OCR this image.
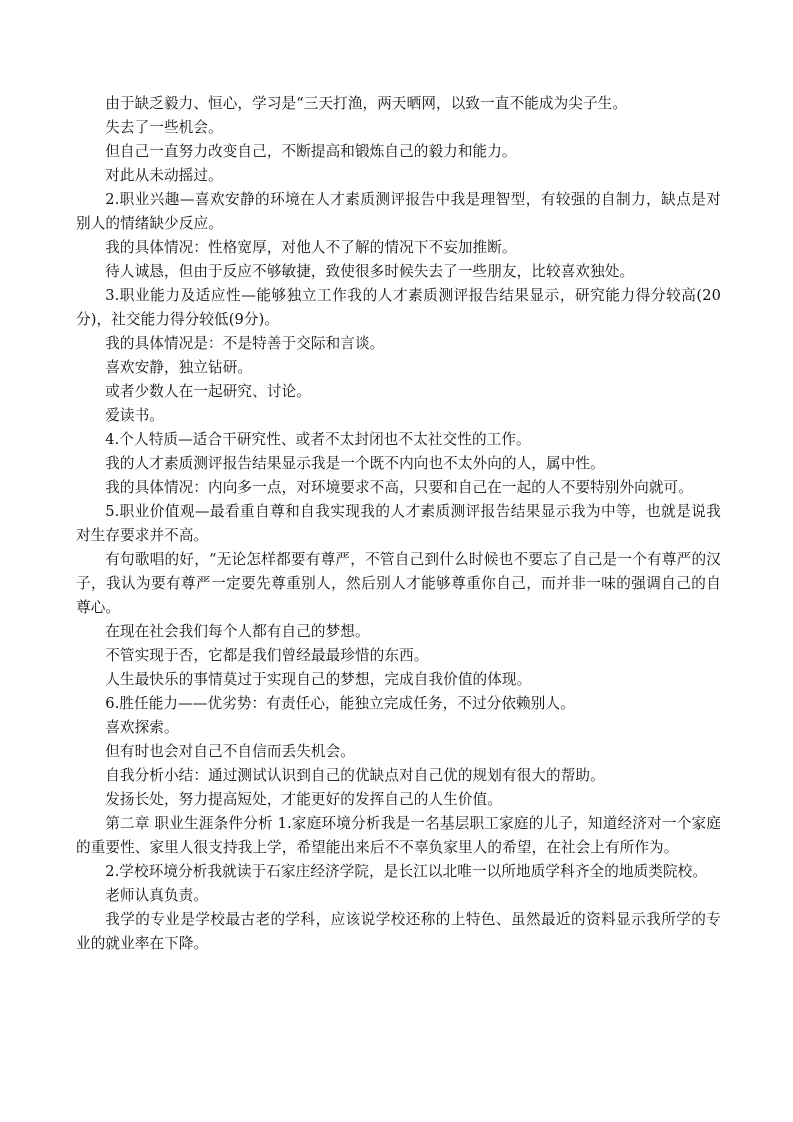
由于缺乏毅力、恒心，学习是“三天打渔，两天晒网，以致一直不能成为尖子生。

失去了一些机会。

但自己一直努力改变自己，不断提高和锻炼自己的毅力和能力。

对此从未动摇过。

2.职业兴趣—喜欢安静的环境在人才素质测评报告中我是理智型，有较强的自制力，缺点是对别人的情绪缺少反应。

我的具体情况：性格宽厚，对他人不了解的情况下不妄加推断。

待人诚恳，但由于反应不够敏捷，致使很多时候失去了一些朋友，比较喜欢独处。

3.职业能力及适应性—能够独立工作我的人才素质测评报告结果显示，研究能力得分较高(20分)，社交能力得分较低(9分)。

我的具体情况是：不是特善于交际和言谈。

喜欢安静，独立钻研。

或者少数人在一起研究、讨论。

爱读书。

4.个人特质—适合干研究性、或者不太封闭也不太社交性的工作。

我的人才素质测评报告结果显示我是一个既不内向也不太外向的人，属中性。

我的具体情况：内向多一点，对环境要求不高，只要和自己在一起的人不要特别外向就可。

5.职业价值观—最看重自尊和自我实现我的人才素质测评报告结果显示我为中等，也就是说我对生存要求并不高。

有句歌唱的好，“无论怎样都要有尊严，不管自己到什么时候也不要忘了自己是一个有尊严的汉子，我认为要有尊严一定要先尊重别人，然后别人才能够尊重你自己，而并非一味的强调自己的自尊心。

在现在社会我们每个人都有自己的梦想。

不管实现于否，它都是我们曾经最最珍惜的东西。

人生最快乐的事情莫过于实现自己的梦想，完成自我价值的体现。

6.胜任能力——优劣势：有责任心，能独立完成任务，不过分依赖别人。

喜欢探索。

但有时也会对自己不自信而丢失机会。

自我分析小结：通过测试认识到自己的优缺点对自己优的规划有很大的帮助。

发扬长处，努力提高短处，才能更好的发挥自己的人生价值。

第二章 职业生涯条件分析 1.家庭环境分析我是一名基层职工家庭的儿子，知道经济对一个家庭的重要性、家里人很支持我上学，希望能出来后不不辜负家里人的希望，在社会上有所作为。

2.学校环境分析我就读于石家庄经济学院，是长江以北唯一以所地质学科齐全的地质类院校。

老师认真负责。

我学的专业是学校最古老的学科，应该说学校还称的上特色、虽然最近的资料显示我所学的专业的就业率在下降。
